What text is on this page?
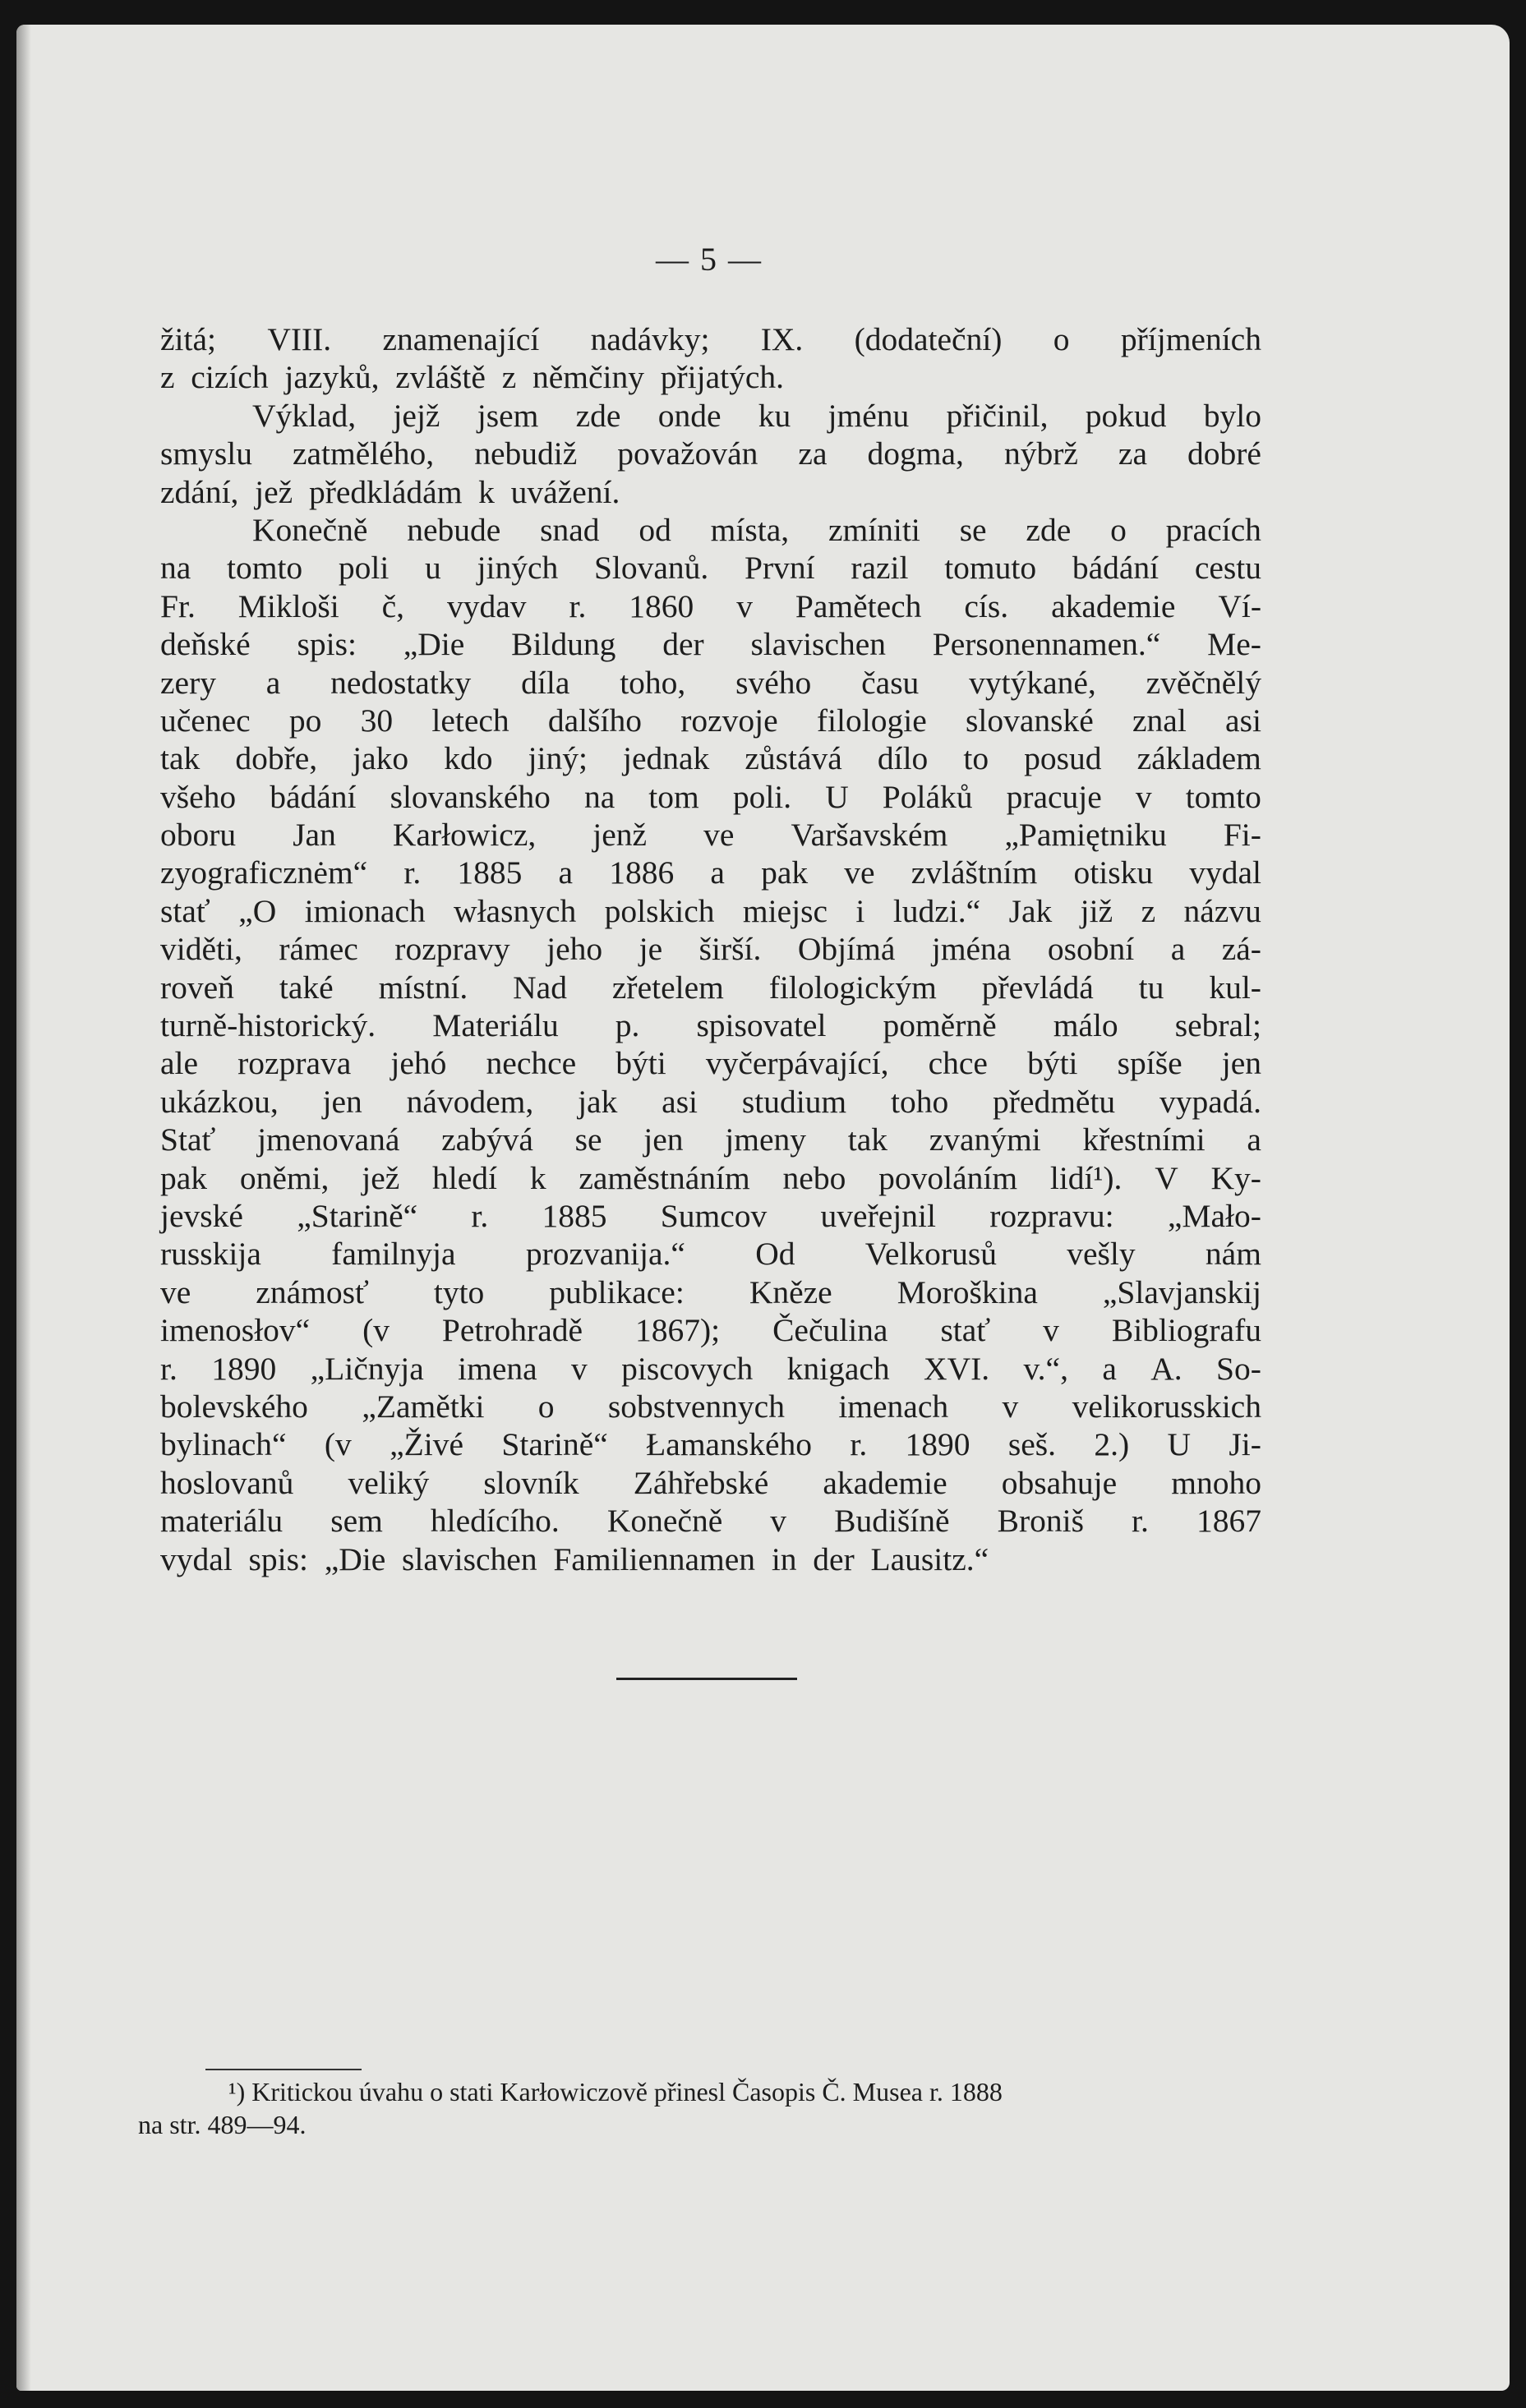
— 5 —
žitá; VIII. znamenající nadávky; IX. (dodateční) o příjmeních
z cizích jazyků, zvláště z němčiny přijatých.
Výklad, jejž jsem zde onde ku jménu přičinil, pokud bylo
smyslu zatmělého, nebudiž považován za dogma, nýbrž za dobré
zdání, jež předkládám k uvážení.
Konečně nebude snad od místa, zmíniti se zde o pracích
na tomto poli u jiných Slovanů. První razil tomuto bádání cestu
Fr. Mikloši č, vydav r. 1860 v Pamětech cís. akademie Ví-
deňské spis: „Die Bildung der slavischen Personennamen.“ Me-
zery a nedostatky díla toho, svého času vytýkané, zvěčnělý
učenec po 30 letech dalšího rozvoje filologie slovanské znal asi
tak dobře, jako kdo jiný; jednak zůstává dílo to posud základem
všeho bádání slovanského na tom poli. U Poláků pracuje v tomto
oboru Jan Karłowicz, jenž ve Varšavském „Pamiętniku Fi-
zyograficznėm“ r. 1885 a 1886 a pak ve zvláštním otisku vydal
stať „O imionach własnych polskich miejsc i ludzi.“ Jak již z názvu
viděti, rámec rozpravy jeho je širší. Objímá jména osobní a zá-
roveň také místní. Nad zřetelem filologickým převládá tu kul-
turně-historický. Materiálu p. spisovatel poměrně málo sebral;
ale rozprava jehó nechce býti vyčerpávající, chce býti spíše jen
ukázkou, jen návodem, jak asi studium toho předmětu vypadá.
Stať jmenovaná zabývá se jen jmeny tak zvanými křestními a
pak oněmi, jež hledí k zaměstnáním nebo povoláním lidí¹). V Ky-
jevské „Starině“ r. 1885 Sumcov uveřejnil rozpravu: „Mało-
russkija familnyja prozvanija.“ Od Velkorusů vešly nám
ve známosť tyto publikace: Kněze Moroškina „Slavjanskij
imenosłov“ (v Petrohradě 1867); Čečulina stať v Bibliografu
r. 1890 „Ličnyja imena v piscovych knigach XVI. v.“, a A. So-
bolevského „Zamětki o sobstvennych imenach v velikorusskich
bylinach“ (v „Živé Starině“ Łamanského r. 1890 seš. 2.) U Ji-
hoslovanů veliký slovník Záhřebské akademie obsahuje mnoho
materiálu sem hledícího. Konečně v Budišíně Broniš r. 1867
vydal spis: „Die slavischen Familiennamen in der Lausitz.“
¹) Kritickou úvahu o stati Karłowiczově přinesl Časopis Č. Musea r. 1888
na str. 489—94.
